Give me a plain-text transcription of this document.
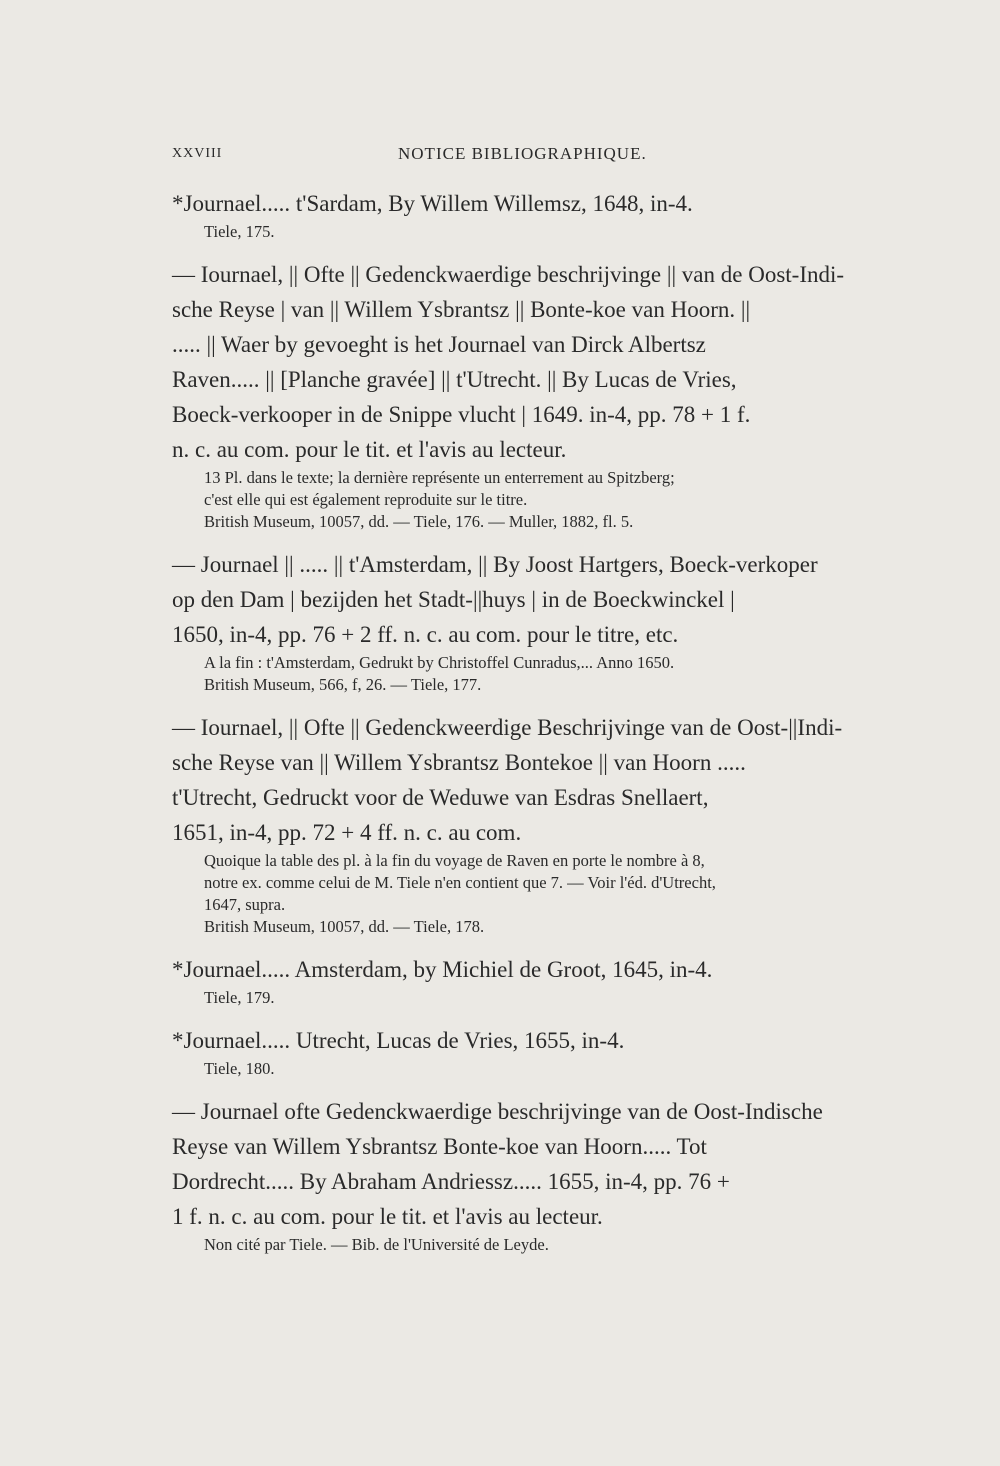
XXVIII	NOTICE BIBLIOGRAPHIQUE.

*Journael..... t'Sardam, By Willem Willemsz, 1648, in-4.

Tiele, 175.

— Iournael, || Ofte || Gedenckwaerdige beschrijvinge || van de Oost-Indi-
sche Reyse | van || Willem Ysbrantsz || Bonte-koe van Hoorn. ||
..... || Waer by gevoeght is het Journael van Dirck Albertsz
Raven..... || [Planche gravée] || t'Utrecht. || By Lucas de Vries,
Boeck-verkooper in de Snippe vlucht | 1649. in-4, pp. 78 + 1 f.
n. c. au com. pour le tit. et l'avis au lecteur.

13 Pl. dans le texte; la dernière représente un enterrement au Spitzberg;
c'est elle qui est également reproduite sur le titre.

British Museum, 10057, dd. — Tiele, 176. — Muller, 1882, fl. 5.

— Journael || ..... || t'Amsterdam, || By Joost Hartgers, Boeck-verkoper
op den Dam | bezijden het Stadt-||huys | in de Boeckwinckel |
1650, in-4, pp. 76 + 2 ff. n. c. au com. pour le titre, etc.

A la fin : t'Amsterdam, Gedrukt by Christoffel Cunradus,... Anno 1650.

British Museum, 566, f, 26. — Tiele, 177.

— Iournael, || Ofte || Gedenckweerdige Beschrijvinge van de Oost-||Indi-
sche Reyse van || Willem Ysbrantsz Bontekoe || van Hoorn .....
t'Utrecht, Gedruckt voor de Weduwe van Esdras Snellaert,
1651, in-4, pp. 72 + 4 ff. n. c. au com.

Quoique la table des pl. à la fin du voyage de Raven en porte le nombre à 8,
notre ex. comme celui de M. Tiele n'en contient que 7. — Voir l'éd. d'Utrecht,
1647, supra.

British Museum, 10057, dd. — Tiele, 178.

*Journael..... Amsterdam, by Michiel de Groot, 1645, in-4.

Tiele, 179.

*Journael..... Utrecht, Lucas de Vries, 1655, in-4.

Tiele, 180.

— Journael ofte Gedenckwaerdige beschrijvinge van de Oost-Indische
Reyse van Willem Ysbrantsz Bonte-koe van Hoorn..... Tot
Dordrecht..... By Abraham Andriessz..... 1655, in-4, pp. 76 +
1 f. n. c. au com. pour le tit. et l'avis au lecteur.

Non cité par Tiele. — Bib. de l'Université de Leyde.
